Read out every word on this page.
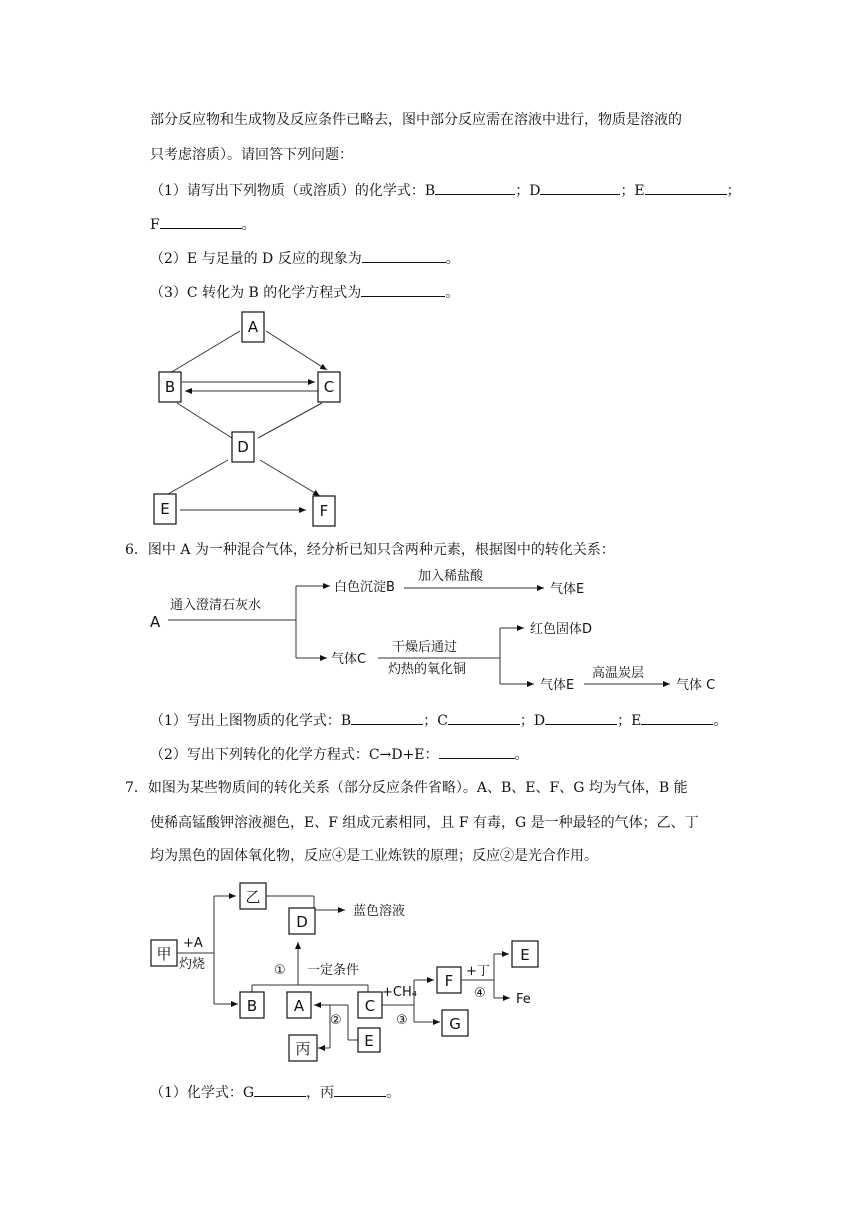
部分反应物和生成物及反应条件已略去，图中部分反应需在溶液中进行，物质是溶液的
只考虑溶质）。请回答下列问题：
（1）请写出下列物质（或溶质）的化学式：B	；D	；E	；
F	。
（2）E 与足量的 D 反应的现象为	。
（3）C 转化为 B 的化学方程式为	。
A
B	C
D
E	F
6．图中 A 为一种混合气体，经分析已知只含两种元素，根据图中的转化关系：
A
通入澄清石灰水
白色沉淀B
加入稀盐酸
气体E
气体C
干燥后通过
灼热的氧化铜
红色固体D
气体E
高温炭层
气体 C
（1）写出上图物质的化学式：B	；C	；D	；E	。
（2）写出下列转化的化学方程式：C→D+E：	。
7．如图为某些物质间的转化关系（部分反应条件省略）。A、B、E、F、G 均为气体，B 能
使稀高锰酸钾溶液褪色，E、F 组成元素相同，且 F 有毒，G 是一种最轻的气体；乙、丁
均为黑色的固体氧化物，反应④是工业炼铁的原理；反应②是光合作用。
甲
+A
灼烧
乙
D
蓝色溶液
① 一定条件
B A	C
②
丙	E
+CH₄
③
F
+丁
④
E
Fe
G
（1）化学式：G	，丙	。
